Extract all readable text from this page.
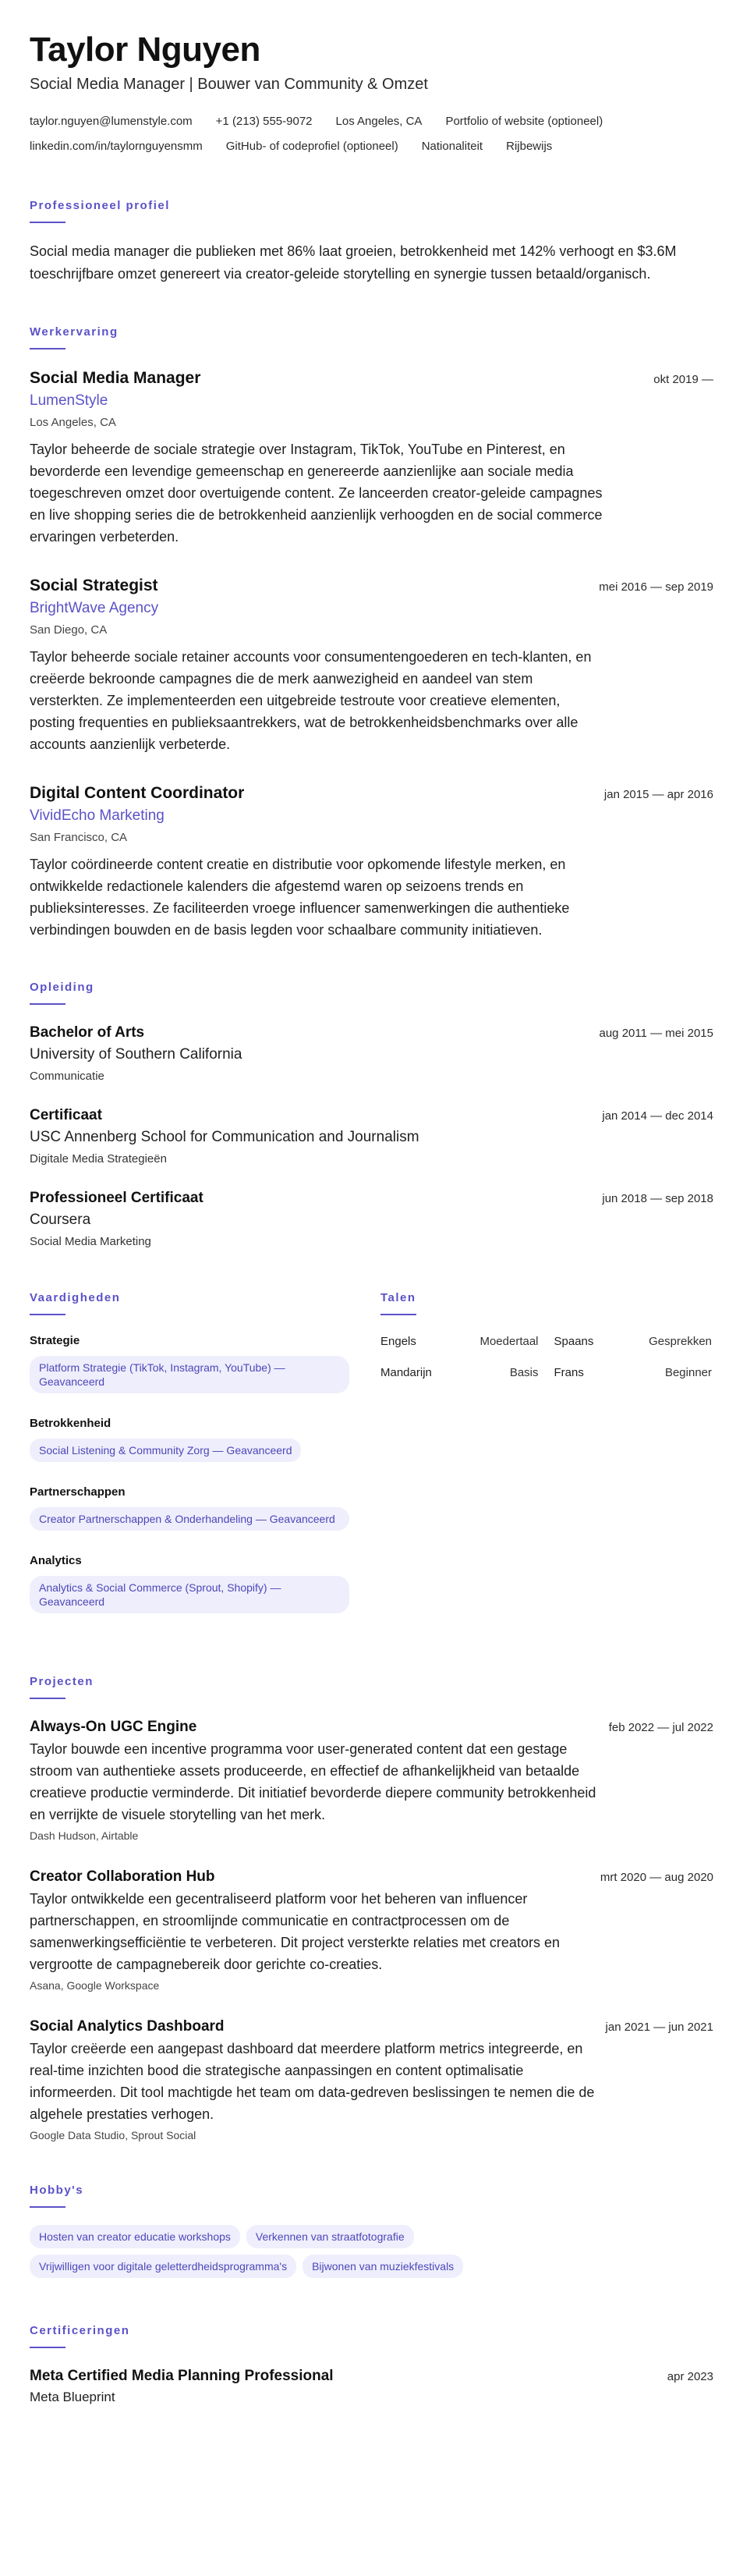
Taylor Nguyen
Social Media Manager | Bouwer van Community & Omzet
taylor.nguyen@lumenstyle.com +1 (213) 555-9072 Los Angeles, CA Portfolio of website (optioneel)
linkedin.com/in/taylornguyensmm GitHub- of codeprofiel (optioneel) Nationaliteit Rijbewijs
Professioneel profiel

Social media manager die publieken met 86% laat groeien, betrokkenheid met 142% verhoogt en $3.6M toeschrijfbare omzet genereert via creator-geleide storytelling en synergie tussen betaald/organisch.

Werkervaring
Social Media Manager	okt 2019 —
LumenStyle
Los Angeles, CA

Taylor beheerde de sociale strategie over Instagram, TikTok, YouTube en Pinterest, en bevorderde een levendige gemeenschap en genereerde aanzienlijke aan sociale media toegeschreven omzet door overtuigende content. Ze lanceerden creator-geleide campagnes en live shopping series die de betrokkenheid aanzienlijk verhoogden en de social commerce ervaringen verbeterden.

Social Strategist	mei 2016 — sep 2019
BrightWave Agency
San Diego, CA

Taylor beheerde sociale retainer accounts voor consumentengoederen en tech-klanten, en creëerde bekroonde campagnes die de merk aanwezigheid en aandeel van stem versterkten. Ze implementeerden een uitgebreide testroute voor creatieve elementen, posting frequenties en publieksaantrekkers, wat de betrokkenheidsbenchmarks over alle accounts aanzienlijk verbeterde.

Digital Content Coordinator	jan 2015 — apr 2016
VividEcho Marketing
San Francisco, CA

Taylor coördineerde content creatie en distributie voor opkomende lifestyle merken, en ontwikkelde redactionele kalenders die afgestemd waren op seizoens trends en publieksinteresses. Ze faciliteerden vroege influencer samenwerkingen die authentieke verbindingen bouwden en de basis legden voor schaalbare community initiatieven.

Opleiding
Bachelor of Arts	aug 2011 — mei 2015
University of Southern California
Communicatie
Certificaat	jan 2014 — dec 2014
USC Annenberg School for Communication and Journalism
Digitale Media Strategieën
Professioneel Certificaat	jun 2018 — sep 2018
Coursera
Social Media Marketing
Vaardigheden
Strategie
Platform Strategie (TikTok, Instagram, YouTube) — Geavanceerd
Betrokkenheid
Social Listening & Community Zorg — Geavanceerd
Partnerschappen
Creator Partnerschappen & Onderhandeling — Geavanceerd
Analytics
Analytics & Social Commerce (Sprout, Shopify) — Geavanceerd
Talen
Engels	Moedertaal Spaans	Gesprekken
Mandarijn	Basis Frans	Beginner
Projecten
Always-On UGC Engine	feb 2022 — jul 2022

Taylor bouwde een incentive programma voor user-generated content dat een gestage stroom van authentieke assets produceerde, en effectief de afhankelijkheid van betaalde creatieve productie verminderde. Dit initiatief bevorderde diepere community betrokkenheid en verrijkte de visuele storytelling van het merk.

Dash Hudson, Airtable
Creator Collaboration Hub	mrt 2020 — aug 2020

Taylor ontwikkelde een gecentraliseerd platform voor het beheren van influencer partnerschappen, en stroomlijnde communicatie en contractprocessen om de samenwerkingsefficiëntie te verbeteren. Dit project versterkte relaties met creators en vergrootte de campagnebereik door gerichte co-creaties.

Asana, Google Workspace
Social Analytics Dashboard	jan 2021 — jun 2021

Taylor creëerde een aangepast dashboard dat meerdere platform metrics integreerde, en real-time inzichten bood die strategische aanpassingen en content optimalisatie informeerden. Dit tool machtigde het team om data-gedreven beslissingen te nemen die de algehele prestaties verhogen.

Google Data Studio, Sprout Social
Hobby's
Hosten van creator educatie workshops	Verkennen van straatfotografie
Vrijwilligen voor digitale geletterdheidsprogramma's	Bijwonen van muziekfestivals
Certificeringen
Meta Certified Media Planning Professional	apr 2023
Meta Blueprint
